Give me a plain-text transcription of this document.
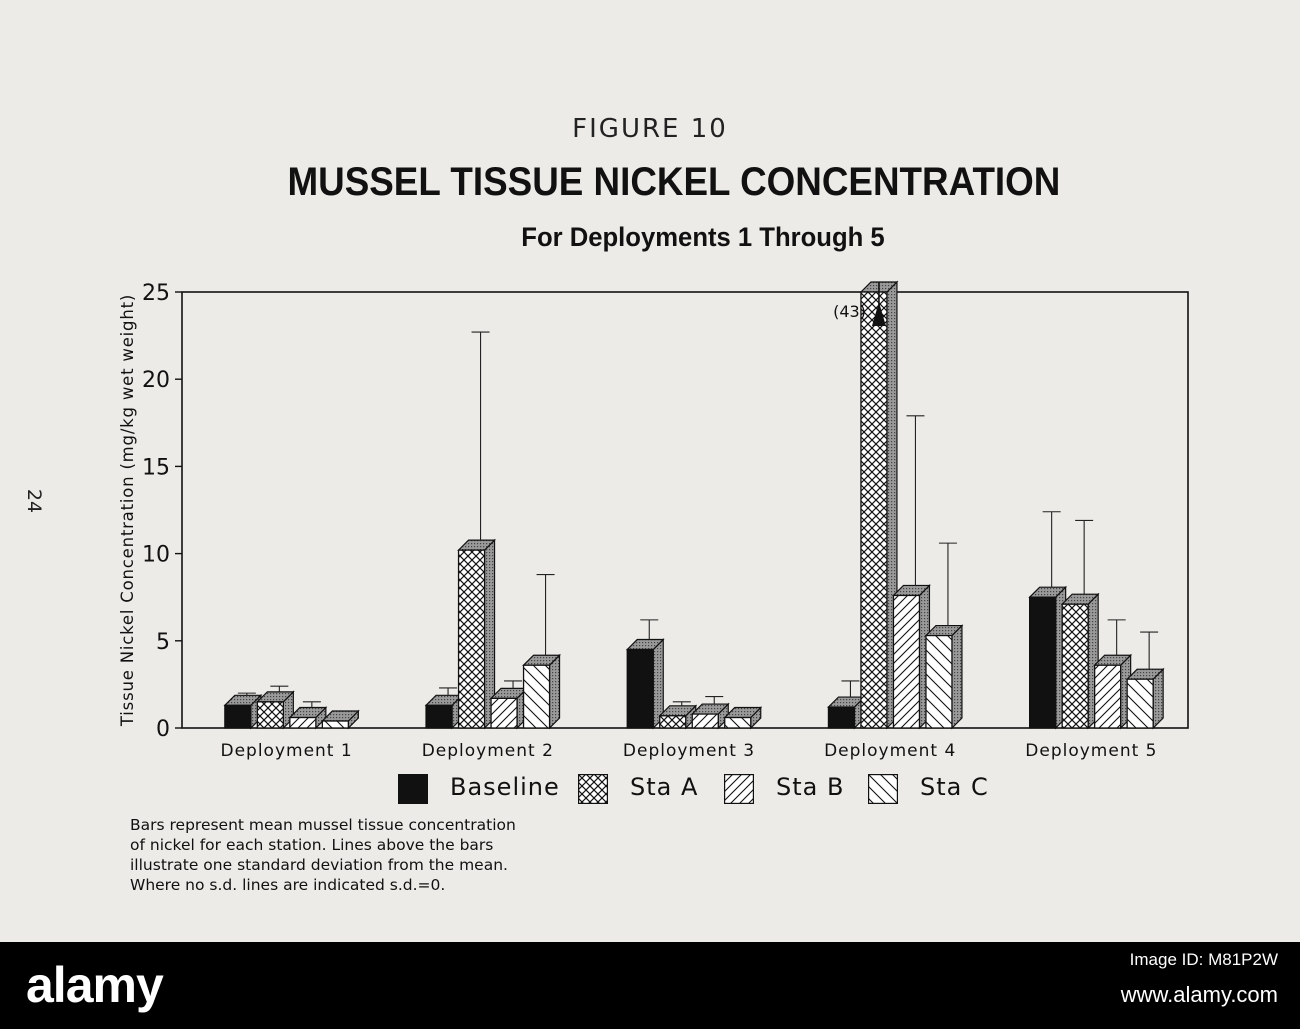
FIGURE 10
MUSSEL TISSUE NICKEL CONCENTRATION
For Deployments 1 Through 5
24
0
5
10
15
20
25
Tissue Nickel Concentration (mg/kg wet weight)
Deployment 1	Deployment 2	Deployment 3	Deployment 4	Deployment 5
(43)
Baseline	Sta A	Sta B	Sta C
Bars represent mean mussel tissue concentration
of nickel for each station. Lines above the bars
illustrate one standard deviation from the mean.
Where no s.d. lines are indicated s.d.=0.
alamy	Image ID: M81P2W
www.alamy.com
